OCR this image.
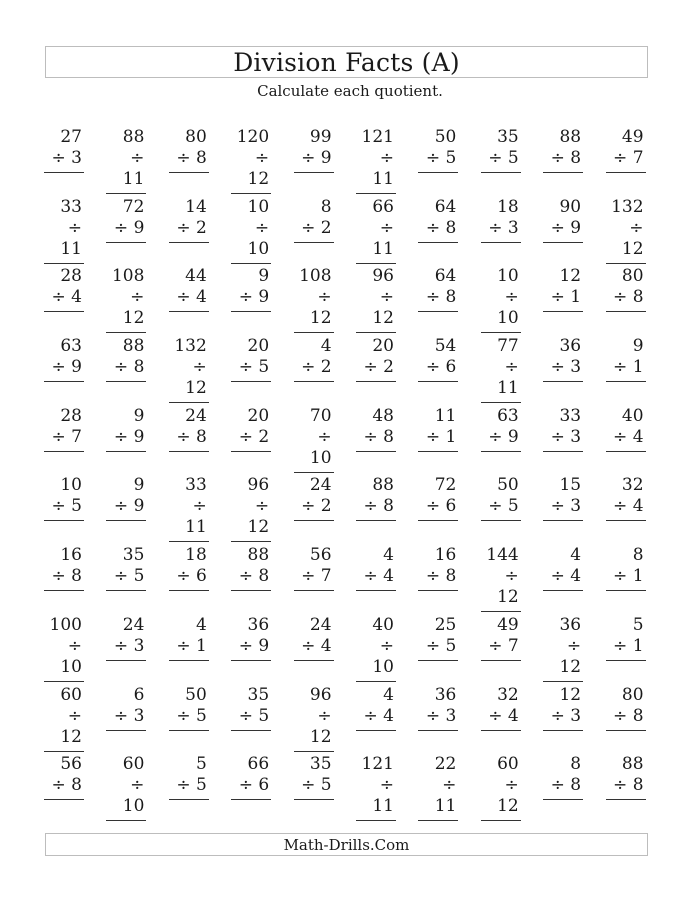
Division Facts (A)
Calculate each quotient.
27
÷ 3
88
÷ 11
80
÷ 8
120
÷ 12
99
÷ 9
121
÷ 11
50
÷ 5
35
÷ 5
88
÷ 8
49
÷ 7
33
÷ 11
72
÷ 9
14
÷ 2
10
÷ 10
8
÷ 2
66
÷ 11
64
÷ 8
18
÷ 3
90
÷ 9
132
÷ 12
28
÷ 4
108
÷ 12
44
÷ 4
9
÷ 9
108
÷ 12
96
÷ 12
64
÷ 8
10
÷ 10
12
÷ 1
80
÷ 8
63
÷ 9
88
÷ 8
132
÷ 12
20
÷ 5
4
÷ 2
20
÷ 2
54
÷ 6
77
÷ 11
36
÷ 3
9
÷ 1
28
÷ 7
9
÷ 9
24
÷ 8
20
÷ 2
70
÷ 10
48
÷ 8
11
÷ 1
63
÷ 9
33
÷ 3
40
÷ 4
10
÷ 5
9
÷ 9
33
÷ 11
96
÷ 12
24
÷ 2
88
÷ 8
72
÷ 6
50
÷ 5
15
÷ 3
32
÷ 4
16
÷ 8
35
÷ 5
18
÷ 6
88
÷ 8
56
÷ 7
4
÷ 4
16
÷ 8
144
÷ 12
4
÷ 4
8
÷ 1
100
÷ 10
24
÷ 3
4
÷ 1
36
÷ 9
24
÷ 4
40
÷ 10
25
÷ 5
49
÷ 7
36
÷ 12
5
÷ 1
60
÷ 12
6
÷ 3
50
÷ 5
35
÷ 5
96
÷ 12
4
÷ 4
36
÷ 3
32
÷ 4
12
÷ 3
80
÷ 8
56
÷ 8
60
÷ 10
5
÷ 5
66
÷ 6
35
÷ 5
121
÷ 11
22
÷ 11
60
÷ 12
8
÷ 8
88
÷ 8
Math-Drills.Com
